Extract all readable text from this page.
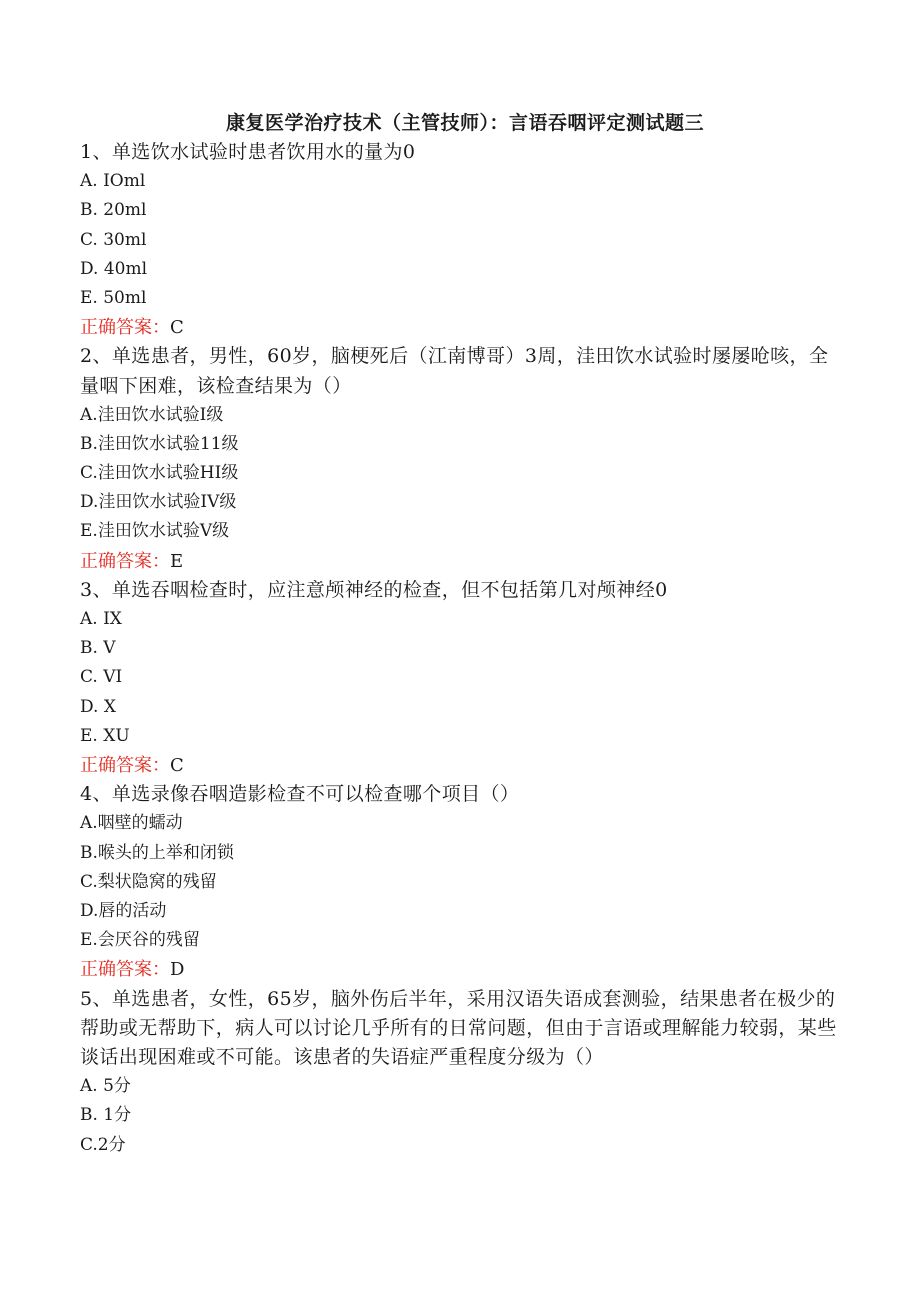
康复医学治疗技术（主管技师）：言语吞咽评定测试题三

1、单选饮水试验时患者饮用水的量为0

A. IOml

B. 20ml

C. 30ml

D. 40ml

E. 50ml

正确答案：C

2、单选患者，男性，60岁，脑梗死后（江南博哥）3周，洼田饮水试验时屡屡呛咳，全量咽下困难，该检查结果为（）

A.洼田饮水试验I级

B.洼田饮水试验11级

C.洼田饮水试验HI级

D.洼田饮水试验IV级

E.洼田饮水试验V级

正确答案：E

3、单选吞咽检查时，应注意颅神经的检查，但不包括第几对颅神经0

A. IX

B. V

C. VI

D. X

E. XU

正确答案：C

4、单选录像吞咽造影检查不可以检查哪个项目（）

A.咽壁的蠕动

B.喉头的上举和闭锁

C.梨状隐窝的残留

D.唇的活动

E.会厌谷的残留

正确答案：D

5、单选患者，女性，65岁，脑外伤后半年，采用汉语失语成套测验，结果患者在极少的帮助或无帮助下，病人可以讨论几乎所有的日常问题，但由于言语或理解能力较弱，某些谈话出现困难或不可能。该患者的失语症严重程度分级为（）

A. 5分

B. 1分

C.2分
